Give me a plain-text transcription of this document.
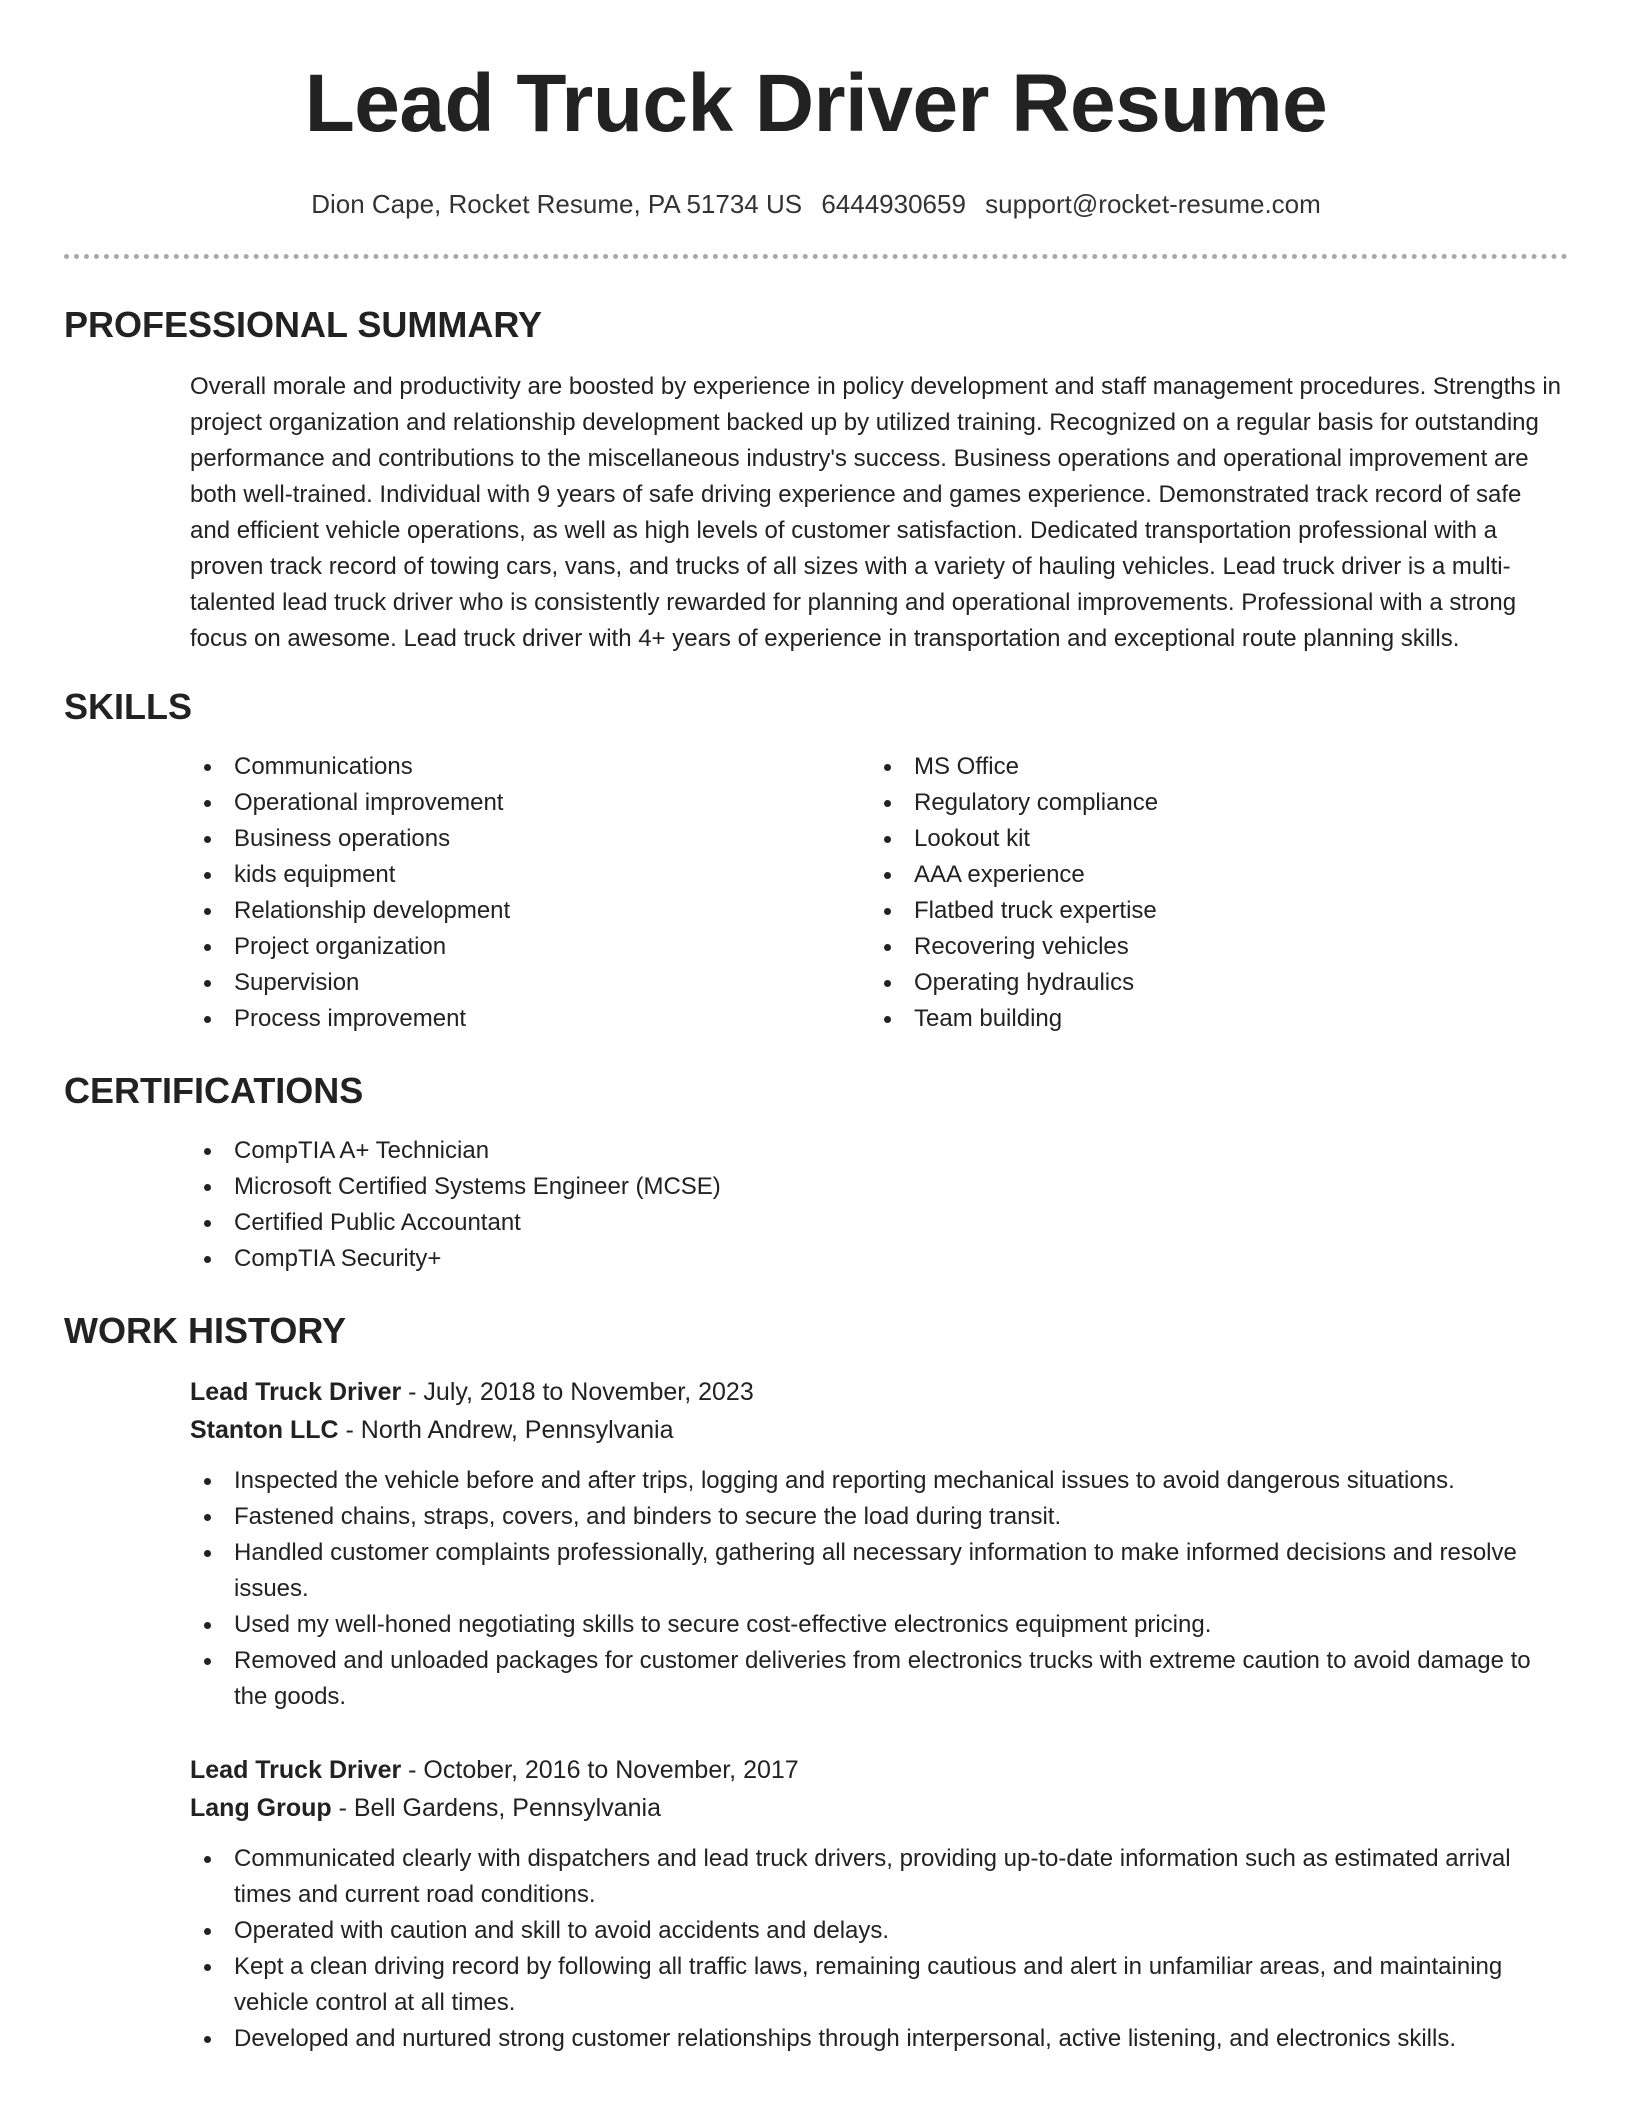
Lead Truck Driver Resume
Dion Cape, Rocket Resume, PA 51734 US 6444930659 support@rocket-resume.com
PROFESSIONAL SUMMARY

Overall morale and productivity are boosted by experience in policy development and staff management procedures. Strengths in project organization and relationship development backed up by utilized training. Recognized on a regular basis for outstanding performance and contributions to the miscellaneous industry's success. Business operations and operational improvement are both well-trained. Individual with 9 years of safe driving experience and games experience. Demonstrated track record of safe and efficient vehicle operations, as well as high levels of customer satisfaction. Dedicated transportation professional with a proven track record of towing cars, vans, and trucks of all sizes with a variety of hauling vehicles. Lead truck driver is a multi-talented lead truck driver who is consistently rewarded for planning and operational improvements. Professional with a strong focus on awesome. Lead truck driver with 4+ years of experience in transportation and exceptional route planning skills.

SKILLS
Communications
Operational improvement
Business operations
kids equipment
Relationship development
Project organization
Supervision
Process improvement
MS Office
Regulatory compliance
Lookout kit
AAA experience
Flatbed truck expertise
Recovering vehicles
Operating hydraulics
Team building
CERTIFICATIONS
CompTIA A+ Technician
Microsoft Certified Systems Engineer (MCSE)
Certified Public Accountant
CompTIA Security+
WORK HISTORY
Lead Truck Driver - July, 2018 to November, 2023
Stanton LLC - North Andrew, Pennsylvania
Inspected the vehicle before and after trips, logging and reporting mechanical issues to avoid dangerous situations.
Fastened chains, straps, covers, and binders to secure the load during transit.
Handled customer complaints professionally, gathering all necessary information to make informed decisions and resolve issues.
Used my well-honed negotiating skills to secure cost-effective electronics equipment pricing.
Removed and unloaded packages for customer deliveries from electronics trucks with extreme caution to avoid damage to the goods.
Lead Truck Driver - October, 2016 to November, 2017
Lang Group - Bell Gardens, Pennsylvania
Communicated clearly with dispatchers and lead truck drivers, providing up-to-date information such as estimated arrival times and current road conditions.
Operated with caution and skill to avoid accidents and delays.
Kept a clean driving record by following all traffic laws, remaining cautious and alert in unfamiliar areas, and maintaining vehicle control at all times.
Developed and nurtured strong customer relationships through interpersonal, active listening, and electronics skills.
